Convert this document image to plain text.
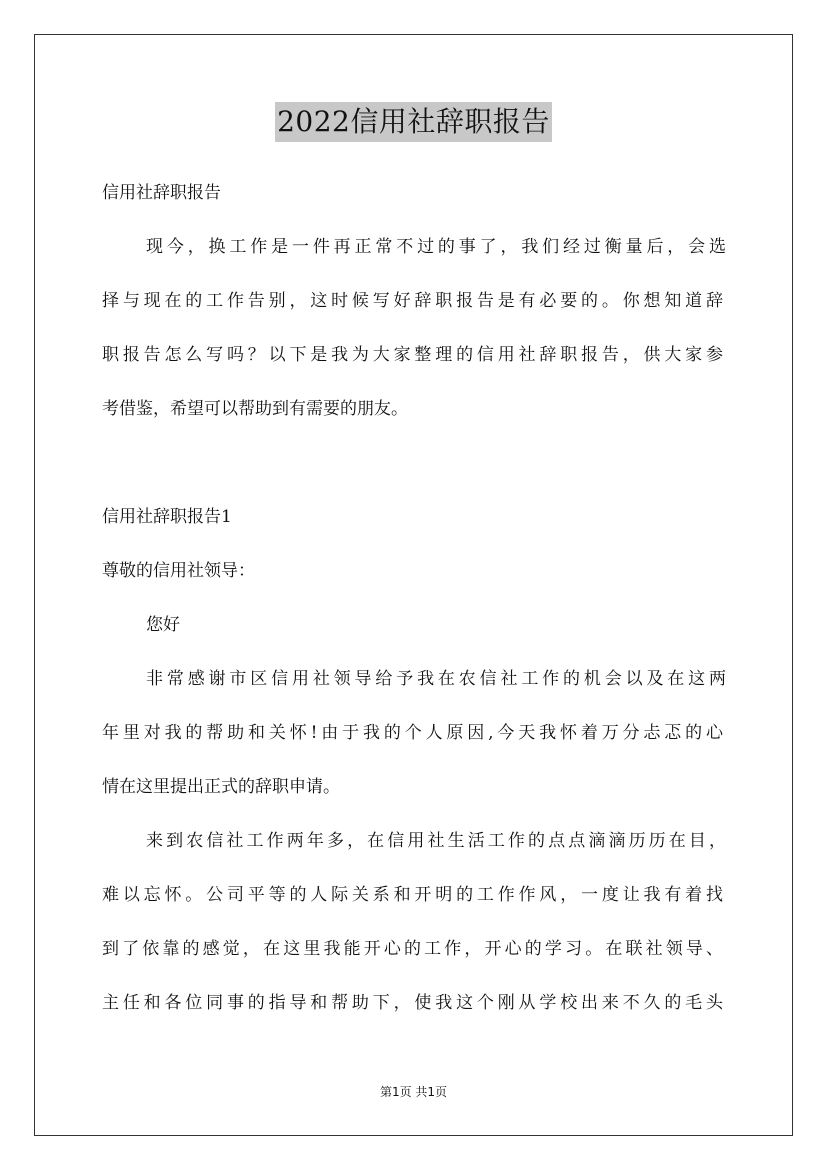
2022信用社辞职报告
信用社辞职报告
现今，换工作是一件再正常不过的事了，我们经过衡量后，会选
择与现在的工作告别，这时候写好辞职报告是有必要的。你想知道辞
职报告怎么写吗？以下是我为大家整理的信用社辞职报告，供大家参
考借鉴，希望可以帮助到有需要的朋友。
信用社辞职报告1
尊敬的信用社领导：
您好
非常感谢市区信用社领导给予我在农信社工作的机会以及在这两
年里对我的帮助和关怀!由于我的个人原因,今天我怀着万分忐忑的心
情在这里提出正式的辞职申请。
来到农信社工作两年多，在信用社生活工作的点点滴滴历历在目，
难以忘怀。公司平等的人际关系和开明的工作作风，一度让我有着找
到了依靠的感觉，在这里我能开心的工作，开心的学习。在联社领导、
主任和各位同事的指导和帮助下，使我这个刚从学校出来不久的毛头
第1页 共1页
